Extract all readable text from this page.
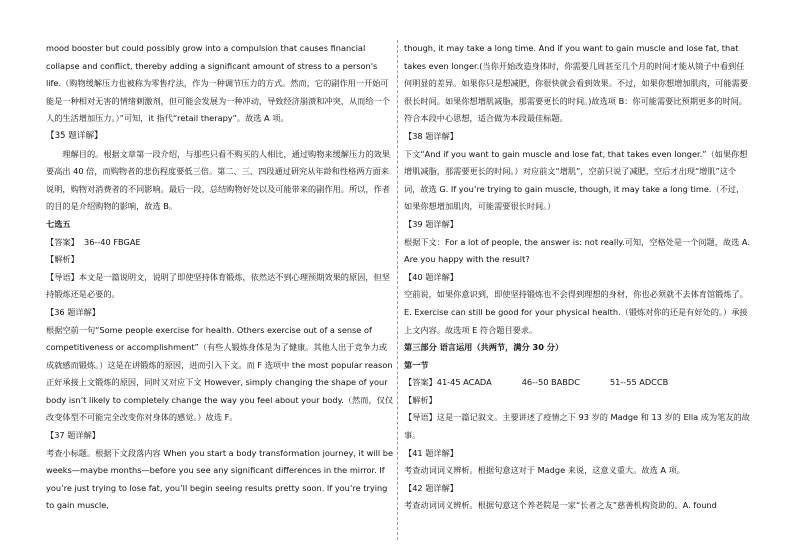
mood booster but could possibly grow into a compulsion that causes financial collapse and conflict, thereby adding a significant amount of stress to a person's life.（购物缓解压力也被称为零售疗法，作为一种调节压力的方式。然而，它的副作用一开始可能是一种相对无害的情绪刺激剂，但可能会发展为一种冲动，导致经济崩溃和冲突，从而给一个人的生活增加压力。）”可知，it 指代“retail therapy”。故选 A 项。

【35 题详解】

理解目的。根据文章第一段介绍，与那些只看不购买的人相比，通过购物来缓解压力的效果要高出 40 倍，而购物者的悲伤程度要低三倍。第二、三、四段通过研究从年龄和性格两方面来说明，购物对消费者的不同影响。最后一段，总结购物好处以及可能带来的副作用。所以，作者的目的是介绍购物的影响，故选 B。

七选五

【答案】 36--40 FBGAE

【解析】

【导语】本文是一篇说明文，说明了即使坚持体育锻炼，依然达不到心理预期效果的原因，但坚持锻炼还是必要的。

【36 题详解】

根据空前一句“Some people exercise for health. Others exercise out of a sense of competitiveness or accomplishment”（有些人锻炼身体是为了健康。其他人出于竞争力或成就感而锻炼。）这是在讲锻炼的原因，进而引入下文。而 F 选项中 the most popular reason 正好承接上文锻炼的原因，同时又对应下文 However, simply changing the shape of your body isn’t likely to completely change the way you feel about your body.（然而，仅仅改变体型不可能完全改变你对身体的感觉。）故选 F。

【37 题详解】

考查小标题。根据下文段落内容 When you start a body transformation journey, it will be weeks—maybe months—before you see any significant differences in the mirror. If you’re just trying to lose fat, you’ll begin seeing results pretty soon. If you’re trying to gain muscle,

though, it may take a long time. And if you want to gain muscle and lose fat, that takes even longer.(当你开始改造身体时，你需要几周甚至几个月的时间才能从镜子中看到任何明显的差异。如果你只是想减肥，你很快就会看到效果。不过，如果你想增加肌肉，可能需要很长时间。如果你想增肌减脂，那需要更长的时间。)故选项 B：你可能需要比预期更多的时间。符合本段中心思想，适合做为本段最佳标题。

【38 题详解】

下文“And if you want to gain muscle and lose fat, that takes even longer.”（如果你想增肌减脂，那需要更长的时间。）对应前文“增肌”，空前只说了减肥，空后才出现“增肌”这个词，故选 G. If you’re trying to gain muscle, though, it may take a long time.（不过，如果你想增加肌肉，可能需要很长时间。）

【39 题详解】

根据下文：For a lot of people, the answer is: not really.可知，空格处是一个问题，故选 A. Are you happy with the result?

【40 题详解】

空前说，如果你意识到，即使坚持锻炼也不会得到理想的身材，你也必须就不去体育馆锻炼了。E. Exercise can still be good for your physical health.（锻炼对你的还是有好处的。）承接上文内容。故选项 E 符合题目要求。

第三部分 语言运用（共两节，满分 30 分）

第一节

【答案】41-45 ACADA	46--50 BABDC	51--55 ADCCB

【解析】

【导语】这是一篇记叙文。主要讲述了疫情之下 93 岁的 Madge 和 13 岁的 Ella 成为笔友的故事。

【41 题详解】

考查动词词义辨析。根据句意这对于 Madge 来说，这意义重大。故选 A 项。

【42 题详解】

考查动词词义辨析。根据句意这个养老院是一家“长者之友”慈善机构资助的。A. found
